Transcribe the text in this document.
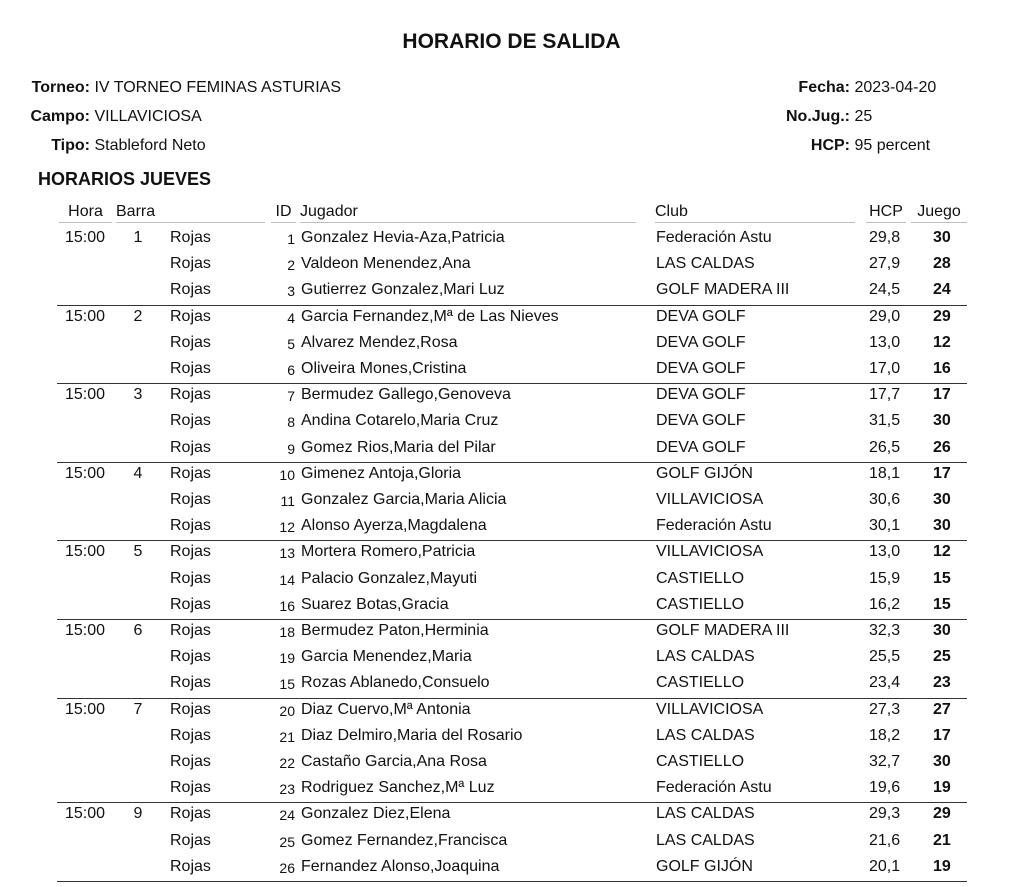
HORARIO DE SALIDA
Torneo: IV TORNEO FEMINAS ASTURIAS
Campo: VILLAVICIOSA
Tipo: Stableford Neto
Fecha: 2023-04-20
No.Jug.: 25
HCP: 95 percent
HORARIOS JUEVES
Hora Barra	ID Jugador	Club	HCP Juego
15:00 1 Rojas	1 Gonzalez Hevia-Aza,Patricia	Federación Astu	29,8 30
Rojas	2 Valdeon Menendez,Ana	LAS CALDAS	27,9 28
Rojas	3 Gutierrez Gonzalez,Mari Luz	GOLF MADERA III	24,5 24
15:00 2 Rojas	4 Garcia Fernandez,Mª de Las Nieves	DEVA GOLF	29,0 29
Rojas	5 Alvarez Mendez,Rosa	DEVA GOLF	13,0 12
Rojas	6 Oliveira Mones,Cristina	DEVA GOLF	17,0 16
15:00 3 Rojas	7 Bermudez Gallego,Genoveva	DEVA GOLF	17,7 17
Rojas	8 Andina Cotarelo,Maria Cruz	DEVA GOLF	31,5 30
Rojas	9 Gomez Rios,Maria del Pilar	DEVA GOLF	26,5 26
15:00 4 Rojas	10 Gimenez Antoja,Gloria	GOLF GIJÓN	18,1 17
Rojas	11 Gonzalez Garcia,Maria Alicia	VILLAVICIOSA	30,6 30
Rojas	12 Alonso Ayerza,Magdalena	Federación Astu	30,1 30
15:00 5 Rojas	13 Mortera Romero,Patricia	VILLAVICIOSA	13,0 12
Rojas	14 Palacio Gonzalez,Mayuti	CASTIELLO	15,9 15
Rojas	16 Suarez Botas,Gracia	CASTIELLO	16,2 15
15:00 6 Rojas	18 Bermudez Paton,Herminia	GOLF MADERA III	32,3 30
Rojas	19 Garcia Menendez,Maria	LAS CALDAS	25,5 25
Rojas	15 Rozas Ablanedo,Consuelo	CASTIELLO	23,4 23
15:00 7 Rojas	20 Diaz Cuervo,Mª Antonia	VILLAVICIOSA	27,3 27
Rojas	21 Diaz Delmiro,Maria del Rosario	LAS CALDAS	18,2 17
Rojas	22 Castaño Garcia,Ana Rosa	CASTIELLO	32,7 30
Rojas	23 Rodriguez Sanchez,Mª Luz	Federación Astu	19,6 19
15:00 9 Rojas	24 Gonzalez Diez,Elena	LAS CALDAS	29,3 29
Rojas	25 Gomez Fernandez,Francisca	LAS CALDAS	21,6 21
Rojas	26 Fernandez Alonso,Joaquina	GOLF GIJÓN	20,1 19
